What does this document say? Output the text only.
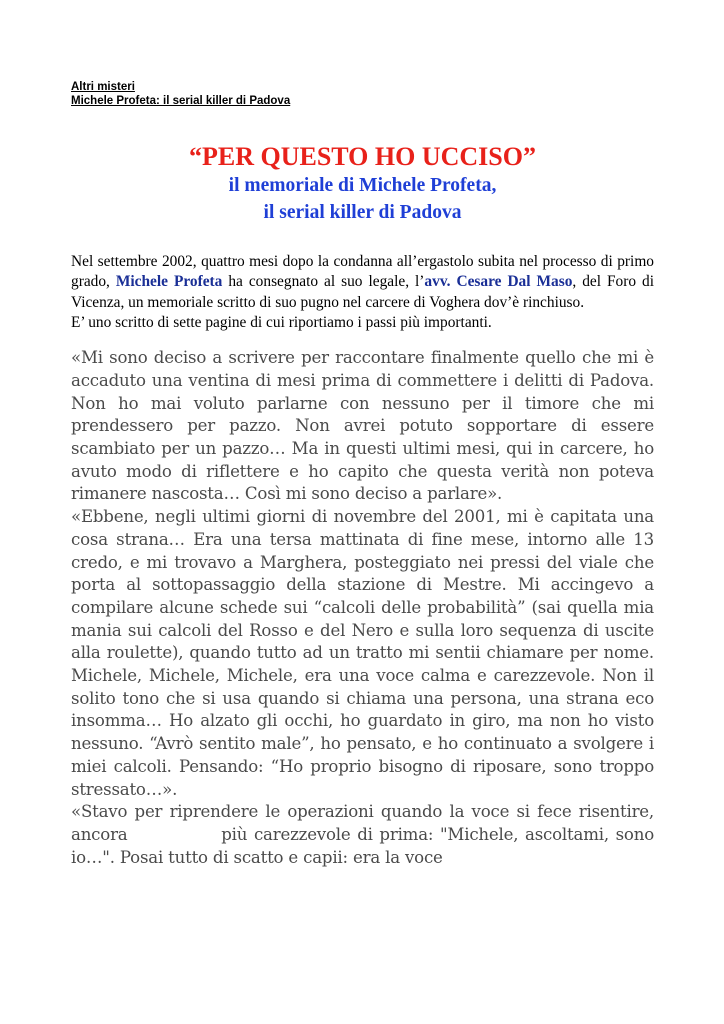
Altri misteri

Michele Profeta: il serial killer di Padova

“PER QUESTO HO UCCISO”
il memoriale di Michele Profeta,
il serial killer di Padova

Nel settembre 2002, quattro mesi dopo la condanna all’ergastolo subita nel processo di primo grado, Michele Profeta ha consegnato al suo legale, l’avv. Cesare Dal Maso, del Foro di Vicenza, un memoriale scritto di suo pugno nel carcere di Voghera dov’è rinchiuso.

E’ uno scritto di sette pagine di cui riportiamo i passi più importanti.

«Mi sono deciso a scrivere per raccontare finalmente quello che mi è accaduto una ventina di mesi prima di commettere i delitti di Padova. Non ho mai voluto parlarne con nessuno per il timore che mi prendessero per pazzo. Non avrei potuto sopportare di essere scambiato per un pazzo… Ma in questi ultimi mesi, qui in carcere, ho avuto modo di riflettere e ho capito che questa verità non poteva rimanere nascosta… Così mi sono deciso a parlare».

«Ebbene, negli ultimi giorni di novembre del 2001, mi è capitata una cosa strana… Era una tersa mattinata di fine mese, intorno alle 13 credo, e mi trovavo a Marghera, posteggiato nei pressi del viale che porta al sottopassaggio della stazione di Mestre. Mi accingevo a compilare alcune schede sui “calcoli delle probabilità” (sai quella mia mania sui calcoli del Rosso e del Nero e sulla loro sequenza di uscite alla roulette), quando tutto ad un tratto mi sentii chiamare per nome. Michele, Michele, Michele, era una voce calma e carezzevole. Non il solito tono che si usa quando si chiama una persona, una strana eco insomma… Ho alzato gli occhi, ho guardato in giro, ma non ho visto nessuno. “Avrò sentito male”, ho pensato, e ho continuato a svolgere i miei calcoli. Pensando: “Ho proprio bisogno di riposare, sono troppo stressato…».

«Stavo per riprendere le operazioni quando la voce si fece risentire, ancora              più carezzevole di prima: "Michele, ascoltami, sono io…". Posai tutto di scatto e capii: era la voce
